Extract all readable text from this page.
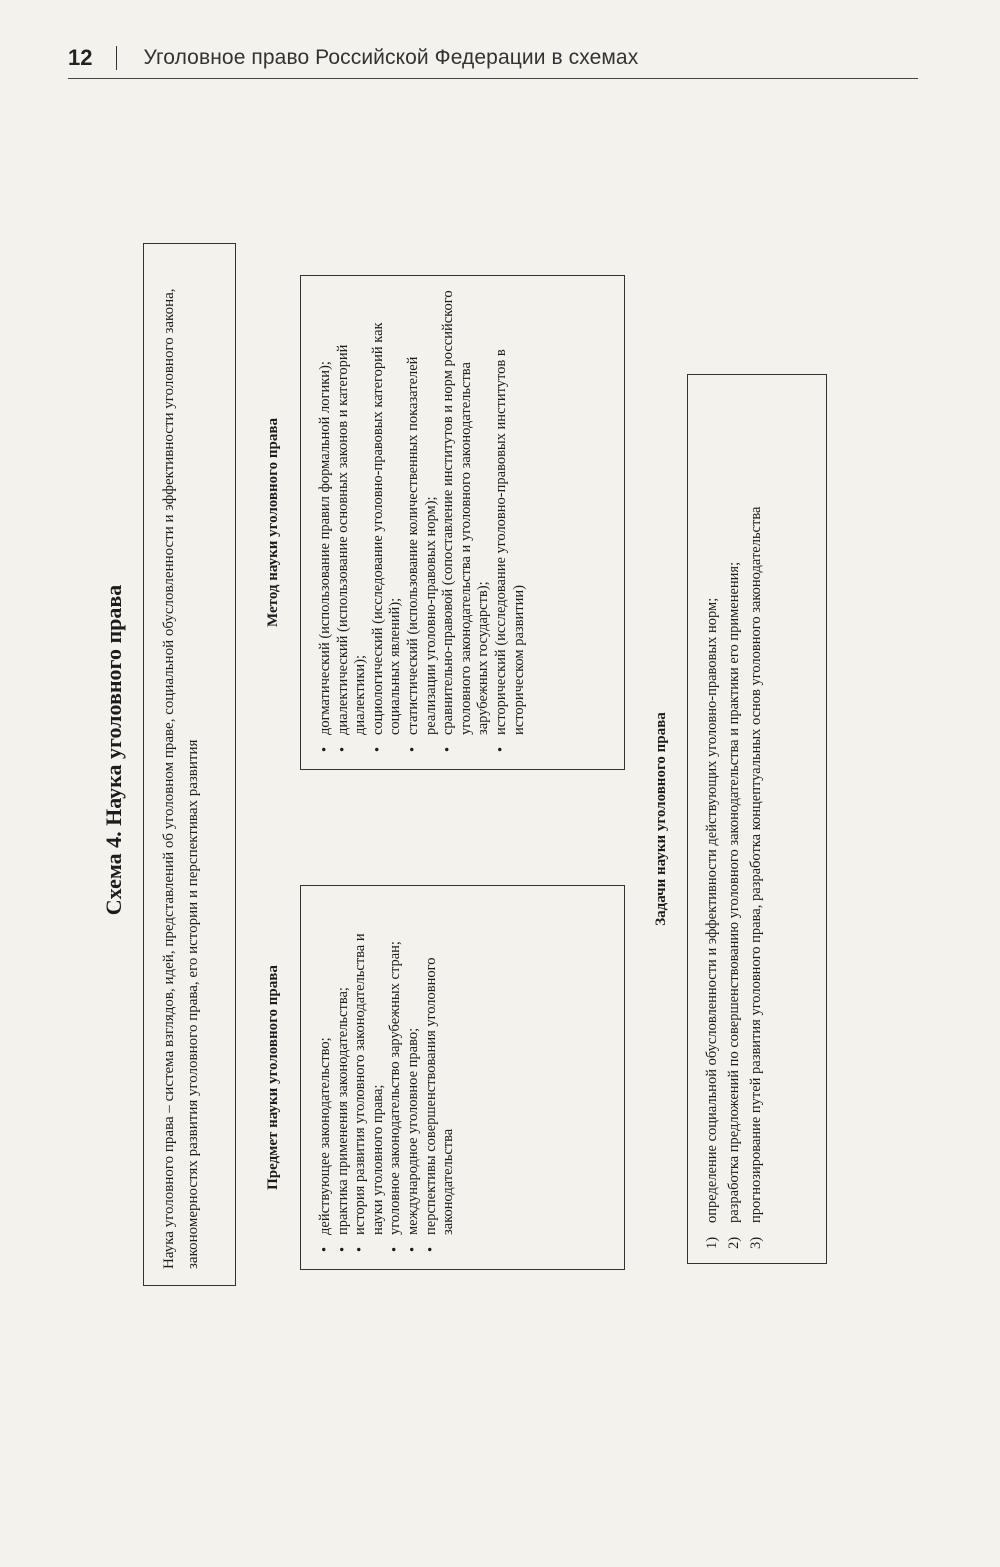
12 Уголовное право Российской Федерации в схемах
Схема 4. Наука уголовного права	Наука уголовного права – система взглядов, идей, представлений об уголовном праве, социальной обусловленности и эффективности уголовного закона, закономерностях развития уголовного права, его истории и перспективах развития	Предмет науки уголовного права • действующее законодательство; • практика применения законодательства; • история развития уголовного законодательства и науки уголовного права; • уголовное законодательство зарубежных стран; • международное уголовное право; • перспективы совершенствования уголовного законодательства
Метод науки уголовного права • догматический (использование правил формальной логики); • диалектический (использование основных законов и категорий диалектики); • социологический (исследование уголовно-правовых категорий как социальных явлений); • статистический (использование количественных показателей реализации уголовно-правовых норм); • сравнительно-правовой (сопоставление институтов и норм российского уголовного законодательства и уголовного законодательства зарубежных государств); • исторический (исследование уголовно-правовых институтов в историческом развитии)
Задачи науки уголовного права
1)
определение социальной обусловленности и эффективности действующих уголовно-правовых норм;
2)
разработка предложений по совершенствованию уголовного законодательства и практики его применения;
3)
прогнозирование путей развития уголовного права, разработка концептуальных основ уголовного законодательства
